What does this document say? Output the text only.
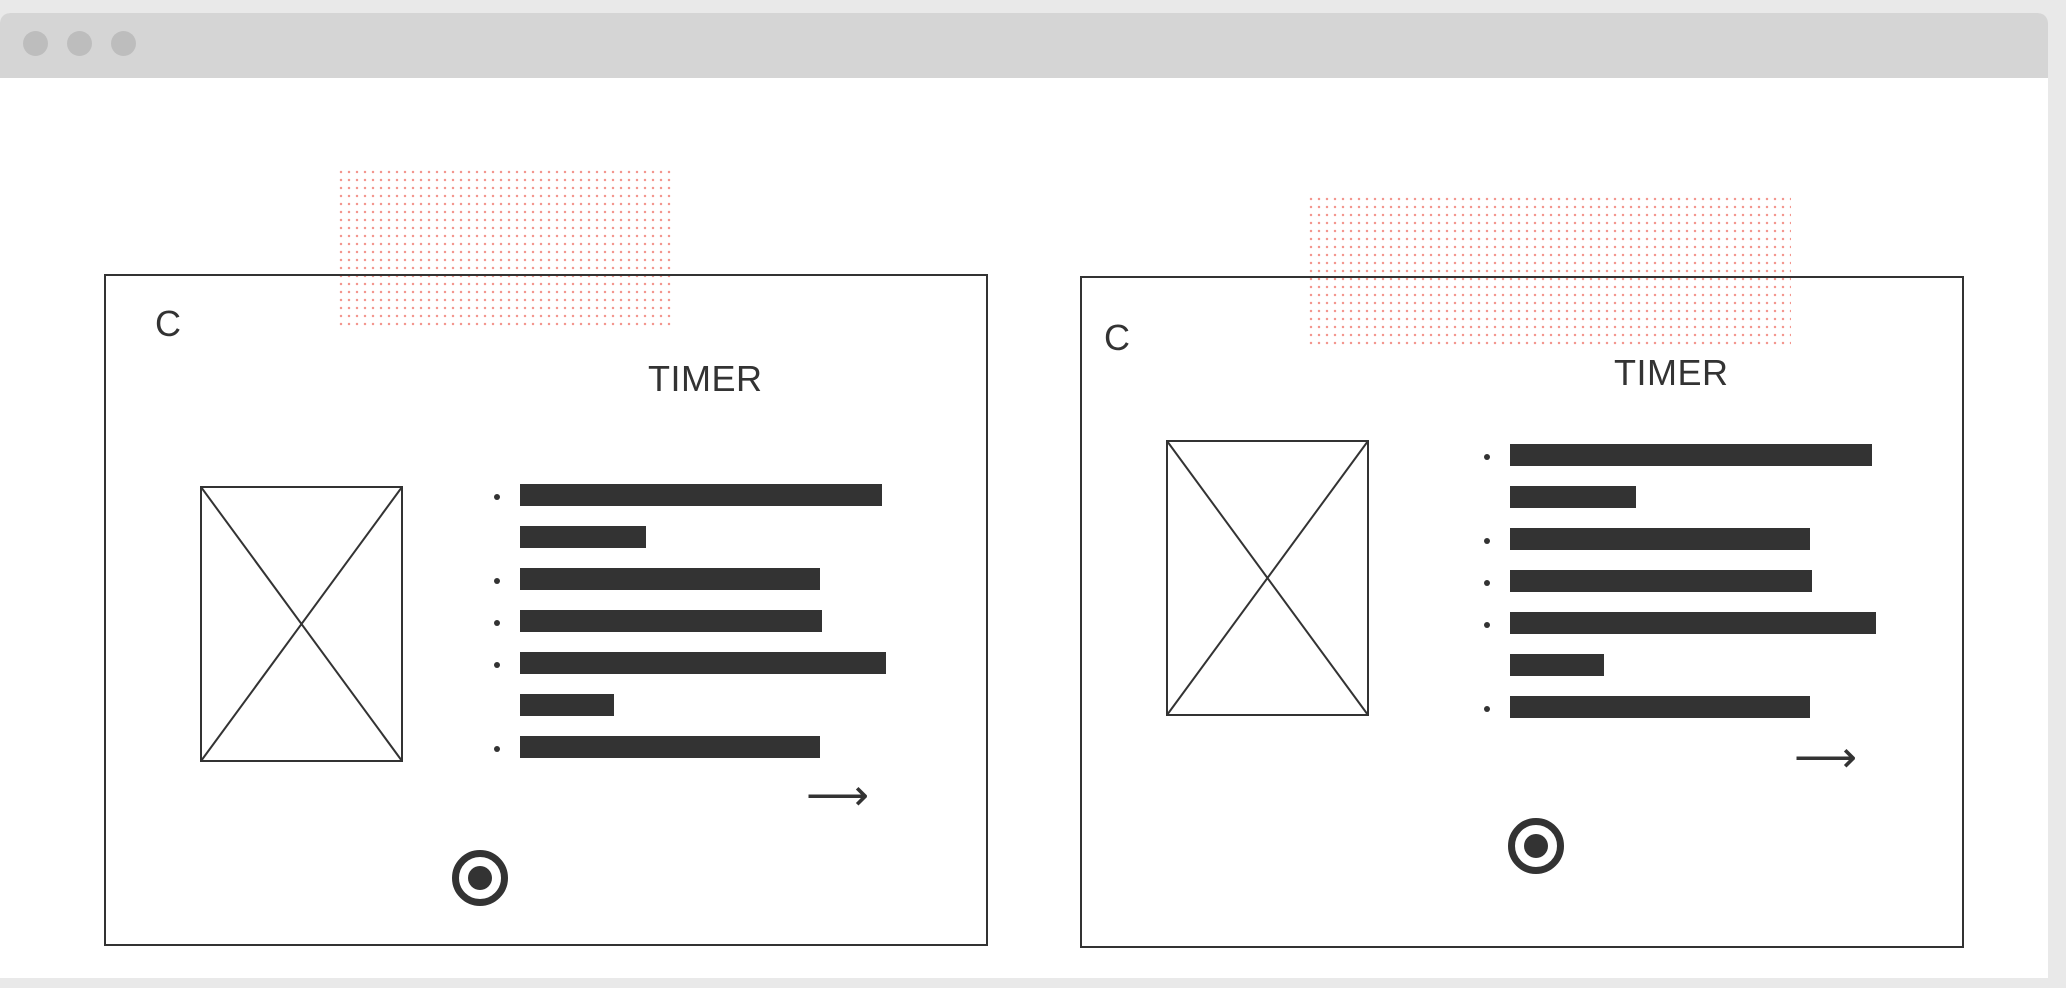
C
TIMER
⟶
C
TIMER
⟶
